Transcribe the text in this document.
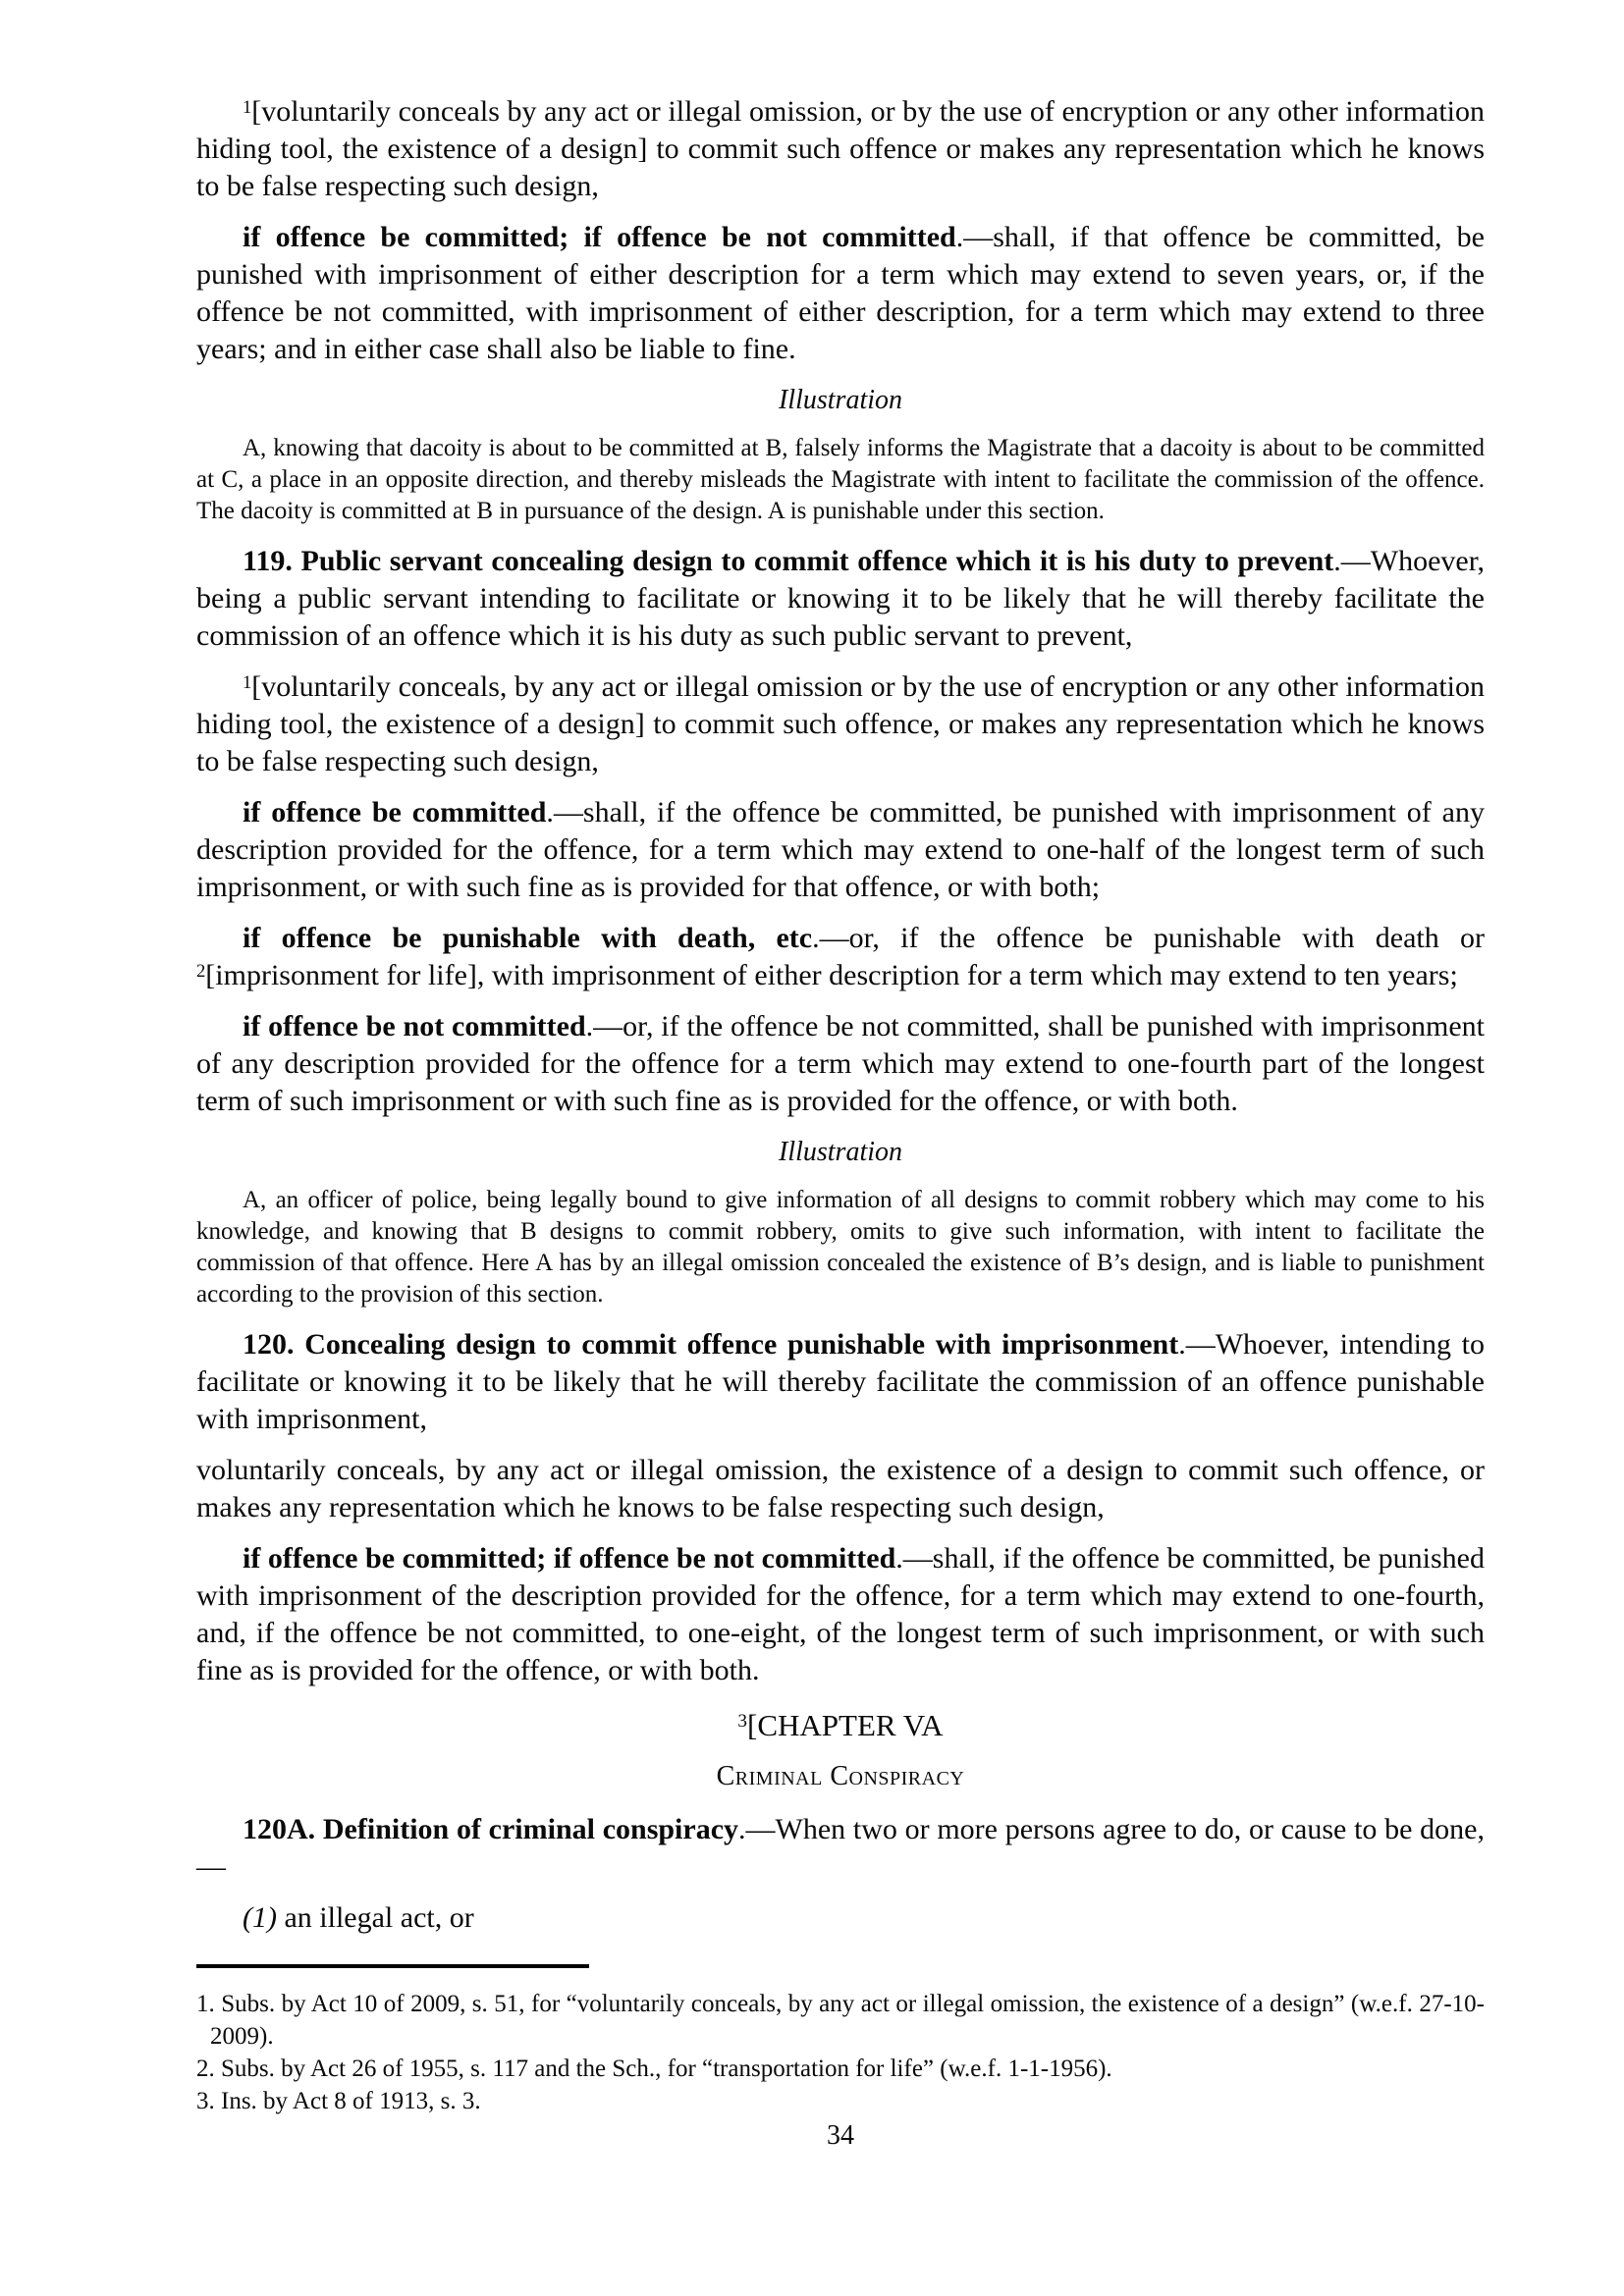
$^1$[voluntarily conceals by any act or illegal omission, or by the use of encryption or any other information hiding tool, the existence of a design] to commit such offence or makes any representation which he knows to be false respecting such design,

if offence be committed; if offence be not committed.—shall, if that offence be committed, be punished with imprisonment of either description for a term which may extend to seven years, or, if the offence be not committed, with imprisonment of either description, for a term which may extend to three years; and in either case shall also be liable to fine.

Illustration

A, knowing that dacoity is about to be committed at B, falsely informs the Magistrate that a dacoity is about to be committed at C, a place in an opposite direction, and thereby misleads the Magistrate with intent to facilitate the commission of the offence. The dacoity is committed at B in pursuance of the design. A is punishable under this section.

119. Public servant concealing design to commit offence which it is his duty to prevent.—Whoever, being a public servant intending to facilitate or knowing it to be likely that he will thereby facilitate the commission of an offence which it is his duty as such public servant to prevent,

$^1$[voluntarily conceals, by any act or illegal omission or by the use of encryption or any other information hiding tool, the existence of a design] to commit such offence, or makes any representation which he knows to be false respecting such design,

if offence be committed.—shall, if the offence be committed, be punished with imprisonment of any description provided for the offence, for a term which may extend to one-half of the longest term of such imprisonment, or with such fine as is provided for that offence, or with both;

if offence be punishable with death, etc.—or, if the offence be punishable with death or $^2$[imprisonment for life], with imprisonment of either description for a term which may extend to ten years;

if offence be not committed.—or, if the offence be not committed, shall be punished with imprisonment of any description provided for the offence for a term which may extend to one-fourth part of the longest term of such imprisonment or with such fine as is provided for the offence, or with both.

Illustration

A, an officer of police, being legally bound to give information of all designs to commit robbery which may come to his knowledge, and knowing that B designs to commit robbery, omits to give such information, with intent to facilitate the commission of that offence. Here A has by an illegal omission concealed the existence of B’s design, and is liable to punishment according to the provision of this section.

120. Concealing design to commit offence punishable with imprisonment.—Whoever, intending to facilitate or knowing it to be likely that he will thereby facilitate the commission of an offence punishable with imprisonment,

voluntarily conceals, by any act or illegal omission, the existence of a design to commit such offence, or makes any representation which he knows to be false respecting such design,

if offence be committed; if offence be not committed.—shall, if the offence be committed, be punished with imprisonment of the description provided for the offence, for a term which may extend to one-fourth, and, if the offence be not committed, to one-eight, of the longest term of such imprisonment, or with such fine as is provided for the offence, or with both.

$^3$[CHAPTER VA

Criminal Conspiracy

120A. Definition of criminal conspiracy.—When two or more persons agree to do, or cause to be done,—

(1) an illegal act, or

1. Subs. by Act 10 of 2009, s. 51, for “voluntarily conceals, by any act or illegal omission, the existence of a design” (w.e.f. 27-10-2009).

2. Subs. by Act 26 of 1955, s. 117 and the Sch., for “transportation for life” (w.e.f. 1-1-1956).

3. Ins. by Act 8 of 1913, s. 3.

34
